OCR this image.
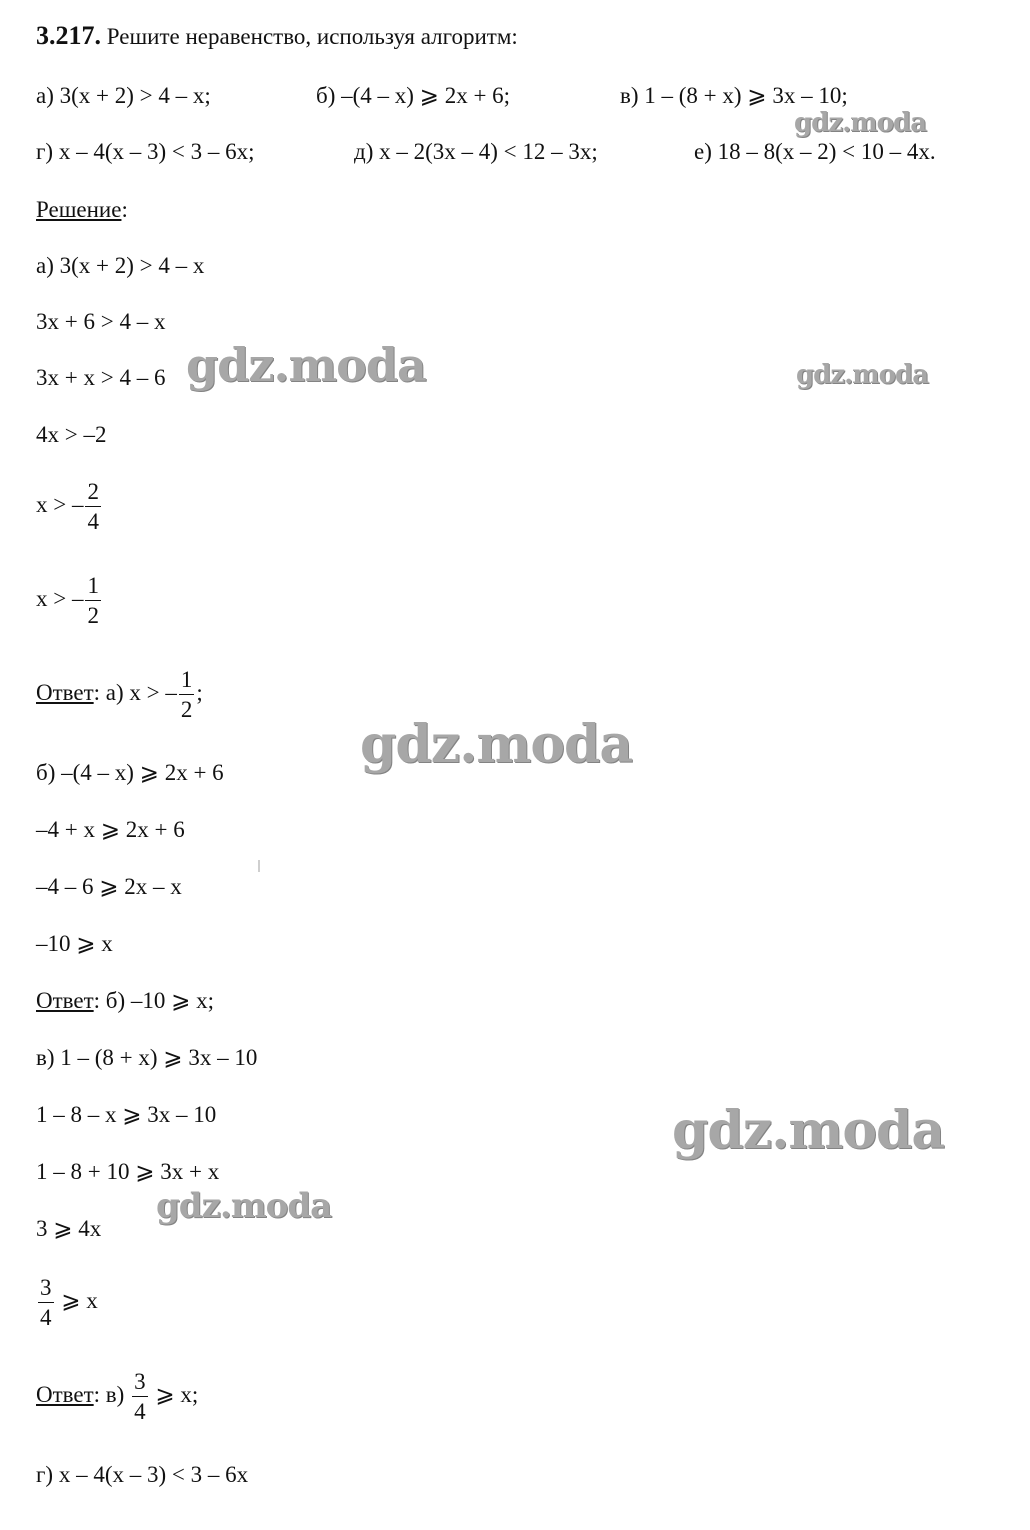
3.217. Решите неравенство, используя алгоритм:
а) 3(x + 2) > 4 – x;	б) –(4 – x) ⩾ 2x + 6;	в) 1 – (8 + x) ⩾ 3x – 10;
г) x – 4(x – 3) < 3 – 6x;	д) x – 2(3x – 4) < 12 – 3x;	е) 18 – 8(x – 2) < 10 – 4x.
Решение:
а) 3(x + 2) > 4 – x
3x + 6 > 4 – x
3x + x > 4 – 6
4x > –2
x > – $\frac{2}{4}$
x > – $\frac{1}{2}$
Ответ: а) x > – $\frac{1}{2}$ ;
б) –(4 – x) ⩾ 2x + 6
–4 + x ⩾ 2x + 6
–4 – 6 ⩾ 2x – x
–10 ⩾ x
Ответ: б) –10 ⩾ x;
в) 1 – (8 + x) ⩾ 3x – 10
1 – 8 – x ⩾ 3x – 10
1 – 8 + 10 ⩾ 3x + x
3 ⩾ 4x
$\frac{3}{4}$ ⩾ x
Ответ: $в) \frac{3}{4}$ ⩾ x;
г) x – 4(x – 3) < 3 – 6x
gdz.moda
gdz.moda	gdz.moda
gdz.moda
gdz.moda
gdz.moda
